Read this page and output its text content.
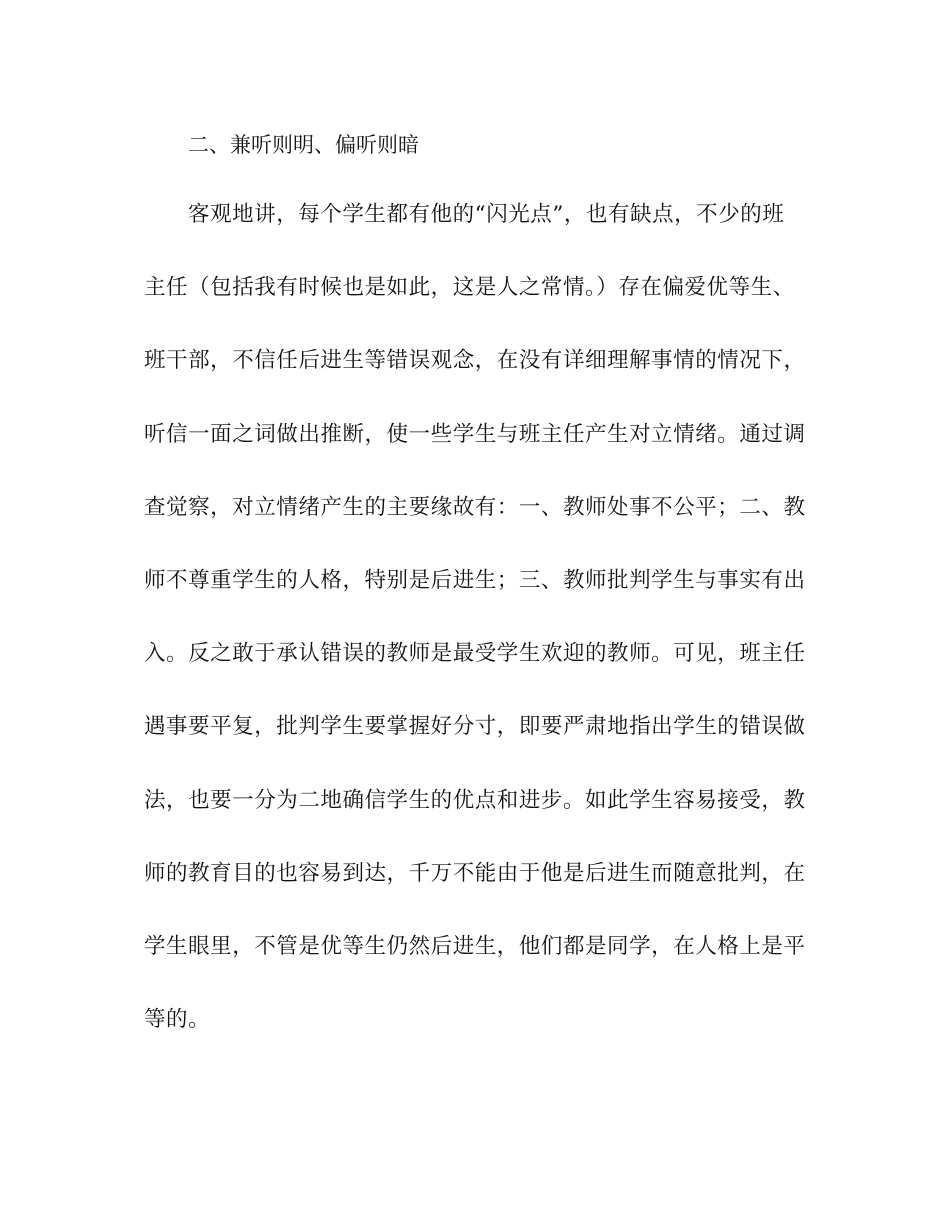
二、兼听则明、偏听则暗

客观地讲，每个学生都有他的“闪光点”，也有缺点，不少的班
主任（包括我有时候也是如此，这是人之常情。）存在偏爱优等生、
班干部，不信任后进生等错误观念，在没有详细理解事情的情况下，
听信一面之词做出推断，使一些学生与班主任产生对立情绪。通过调
查觉察，对立情绪产生的主要缘故有：一、教师处事不公平；二、教
师不尊重学生的人格，特别是后进生；三、教师批判学生与事实有出
入。反之敢于承认错误的教师是最受学生欢迎的教师。可见，班主任
遇事要平复，批判学生要掌握好分寸，即要严肃地指出学生的错误做
法，也要一分为二地确信学生的优点和进步。如此学生容易接受，教
师的教育目的也容易到达，千万不能由于他是后进生而随意批判，在
学生眼里，不管是优等生仍然后进生，他们都是同学，在人格上是平
等的。
